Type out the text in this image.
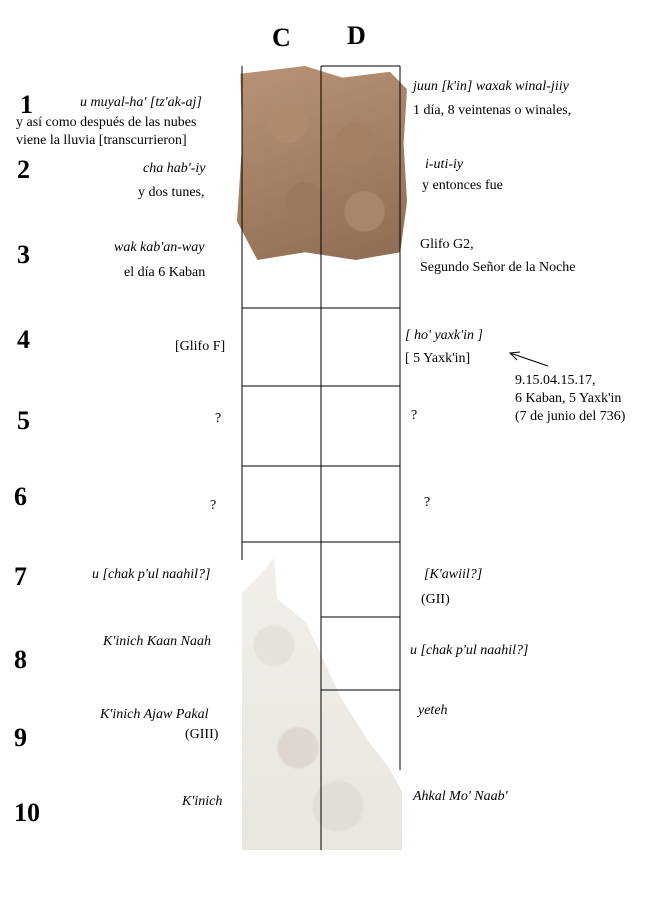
C D
1
2
3
4
5
6
7
8
9
10
u muyal-ha' [tz'ak-aj]
y así como después de las nubes
viene la lluvia [transcurrieron]
cha hab'-iy
y dos tunes,
wak kab'an-way
el día 6 Kaban
[Glifo F]
?
?
u [chak p'ul naahil?]
K'inich Kaan Naah
K'inich Ajaw Pakal
(GIII)
K'inich
juun [k'in] waxak winal-jiiy
1 día, 8 veintenas o winales,
i-uti-iy
y entonces fue
Glifo G2,
Segundo Señor de la Noche
[ ho' yaxk'in ]
[ 5 Yaxk'in]
?
?
[K'awiil?]
(GII)
u [chak p'ul naahil?]
yeteh
Ahkal Mo' Naab'
9.15.04.15.17,
6 Kaban, 5 Yaxk'in
(7 de junio del 736)
